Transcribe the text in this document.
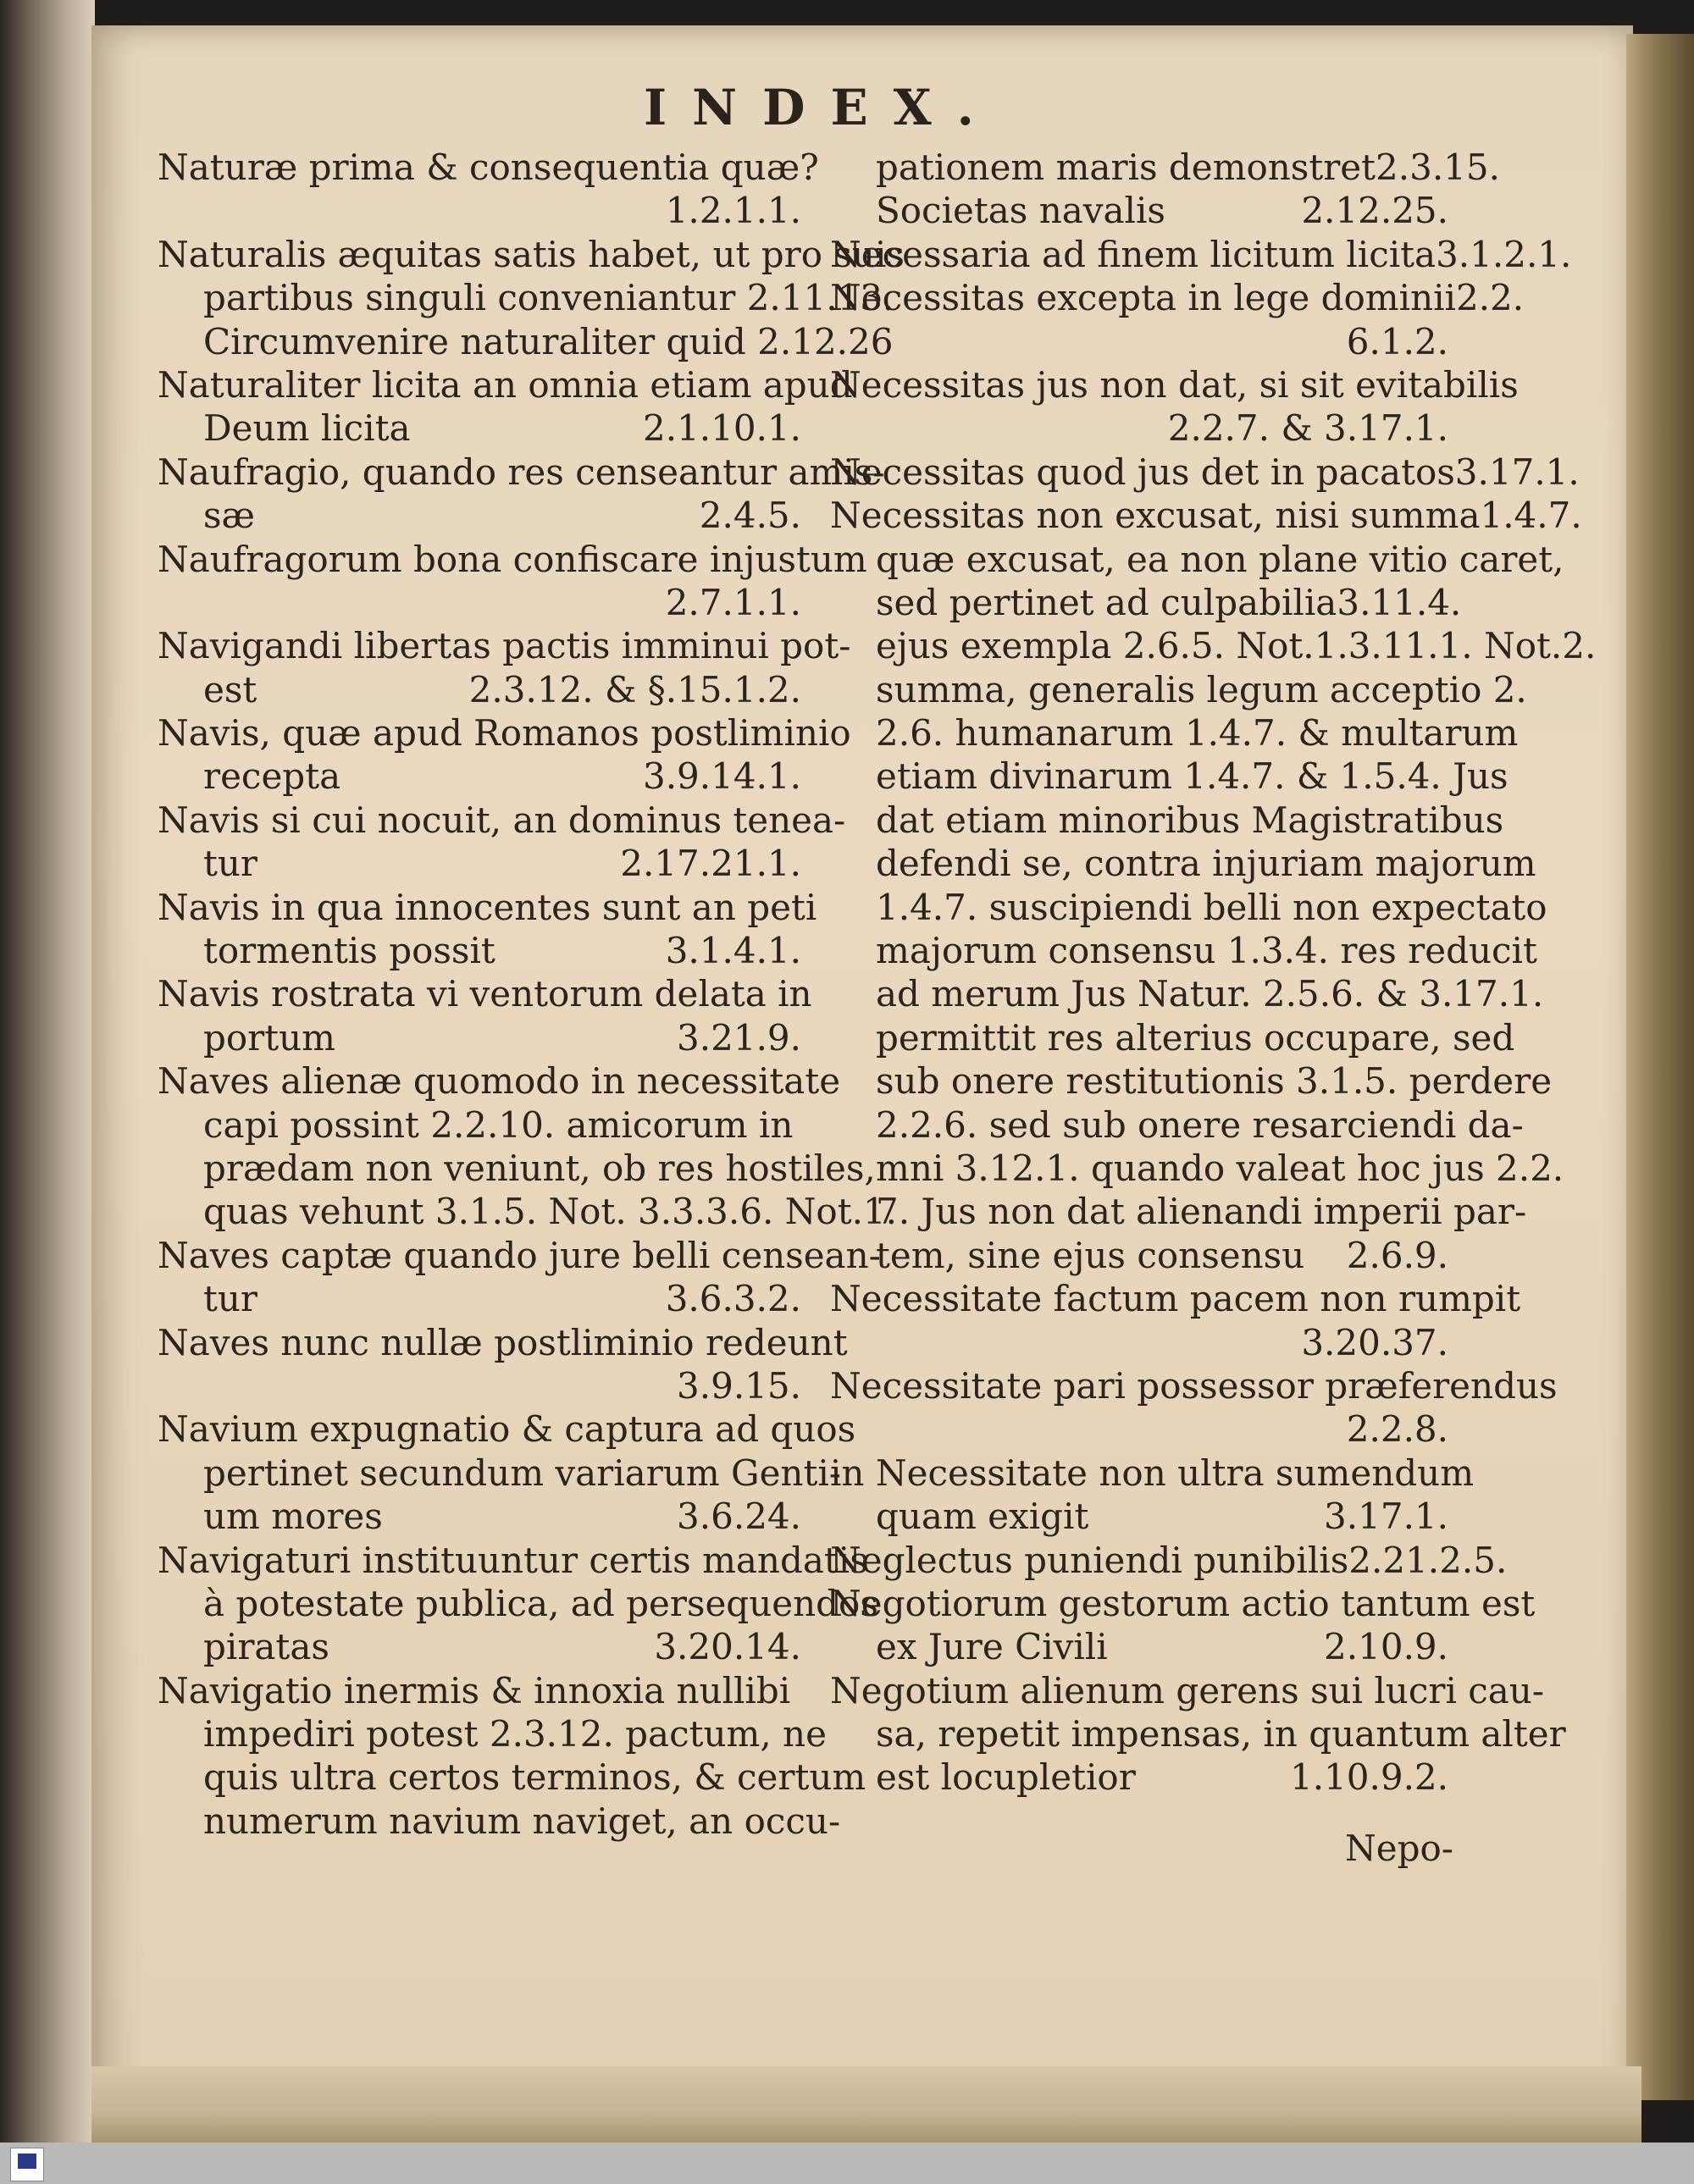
INDEX.
Naturæ prima & consequentia quæ?
1.2.1.1.
Naturalis æquitas satis habet, ut pro suis
partibus singuli conveniantur 2.11.13.
Circumvenire naturaliter quid 2.12.26
Naturaliter licita an omnia etiam apud
Deum licita	2.1.10.1.
Naufragio, quando res censeantur amis-
sæ	2.4.5.
Naufragorum bona confiscare injustum
2.7.1.1.
Navigandi libertas pactis imminui pot-
est	2.3.12. & §.15.1.2.
Navis, quæ apud Romanos postliminio
recepta	3.9.14.1.
Navis si cui nocuit, an dominus tenea-
tur	2.17.21.1.
Navis in qua innocentes sunt an peti
tormentis possit	3.1.4.1.
Navis rostrata vi ventorum delata in
portum	3.21.9.
Naves alienæ quomodo in necessitate
capi possint 2.2.10. amicorum in
prædam non veniunt, ob res hostiles,
quas vehunt 3.1.5. Not. 3.3.3.6. Not.1.
Naves captæ quando jure belli censean-
tur	3.6.3.2.
Naves nunc nullæ postliminio redeunt
3.9.15.
Navium expugnatio & captura ad quos
pertinet secundum variarum Genti-
um mores	3.6.24.
Navigaturi instituuntur certis mandatis
à potestate publica, ad persequendos
piratas	3.20.14.
Navigatio inermis & innoxia nullibi
impediri potest 2.3.12. pactum, ne
quis ultra certos terminos, & certum
numerum navium naviget, an occu-
pationem maris demonstret 2.3.15.
Societas navalis	2.12.25.
Necessaria ad finem licitum licita 3.1.2.1.
Necessitas excepta in lege dominii 2.2.
6.1.2.
Necessitas jus non dat, si sit evitabilis
2.2.7. & 3.17.1.
Necessitas quod jus det in pacatos 3.17.1.
Necessitas non excusat, nisi summa 1.4.7.
quæ excusat, ea non plane vitio caret,
sed pertinet ad culpabilia 3.11.4.
ejus exempla 2.6.5. Not.1.3.11.1. Not.2.
summa, generalis legum acceptio 2.
2.6. humanarum 1.4.7. & multarum
etiam divinarum 1.4.7. & 1.5.4. Jus
dat etiam minoribus Magistratibus
defendi se, contra injuriam majorum
1.4.7. suscipiendi belli non expectato
majorum consensu 1.3.4. res reducit
ad merum Jus Natur. 2.5.6. & 3.17.1.
permittit res alterius occupare, sed
sub onere restitutionis 3.1.5. perdere
2.2.6. sed sub onere resarciendi da-
mni 3.12.1. quando valeat hoc jus 2.2.
7. Jus non dat alienandi imperii par-
tem, sine ejus consensu 2.6.9.
Necessitate factum pacem non rumpit
3.20.37.
Necessitate pari possessor præferendus
2.2.8.
in Necessitate non ultra sumendum
quam exigit	3.17.1.
Neglectus puniendi punibilis 2.21.2.5.
Negotiorum gestorum actio tantum est
ex Jure Civili	2.10.9.
Negotium alienum gerens sui lucri cau-
sa, repetit impensas, in quantum alter
est locupletior	1.10.9.2.
Nepo-
